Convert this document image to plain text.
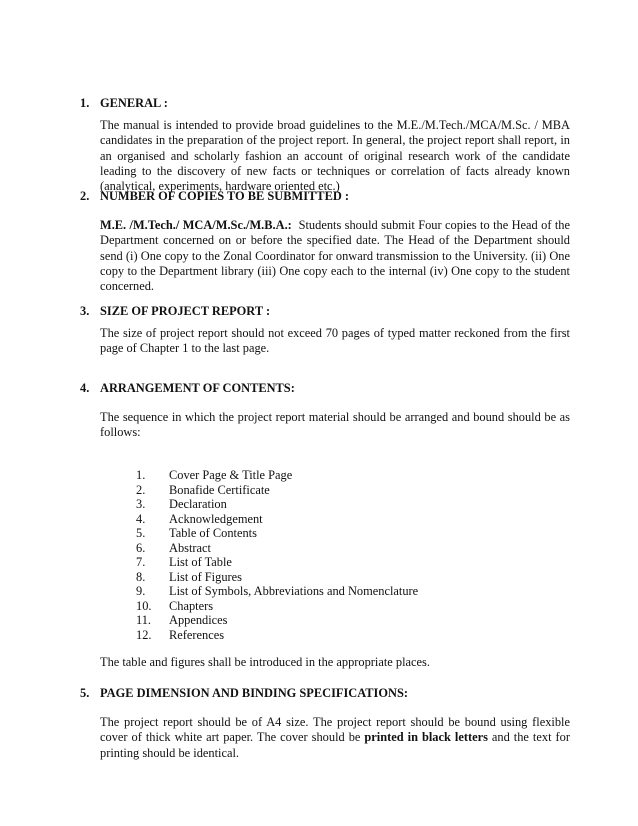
1. GENERAL :
The manual is intended to provide broad guidelines to the M.E./M.Tech./MCA/M.Sc. / MBA candidates in the preparation of the project report. In general, the project report shall report, in an organised and scholarly fashion an account of original research work of the candidate leading to the discovery of new facts or techniques or correlation of facts already known (analytical, experiments, hardware oriented etc.)
2. NUMBER OF COPIES TO BE SUBMITTED :
M.E. /M.Tech./ MCA/M.Sc./M.B.A.: Students should submit Four copies to the Head of the Department concerned on or before the specified date. The Head of the Department should send (i) One copy to the Zonal Coordinator for onward transmission to the University. (ii) One copy to the Department library (iii) One copy each to the internal (iv) One copy to the student concerned.
3. SIZE OF PROJECT REPORT :
The size of project report should not exceed 70 pages of typed matter reckoned from the first page of Chapter 1 to the last page.
4. ARRANGEMENT OF CONTENTS:
The sequence in which the project report material should be arranged and bound should be as follows:
1. Cover Page & Title Page
2. Bonafide Certificate
3. Declaration
4. Acknowledgement
5. Table of Contents
6. Abstract
7. List of Table
8. List of Figures
9. List of Symbols, Abbreviations and Nomenclature
10. Chapters
11. Appendices
12. References
The table and figures shall be introduced in the appropriate places.
5. PAGE DIMENSION AND BINDING SPECIFICATIONS:
The project report should be of A4 size. The project report should be bound using flexible cover of thick white art paper. The cover should be printed in black letters and the text for printing should be identical.
